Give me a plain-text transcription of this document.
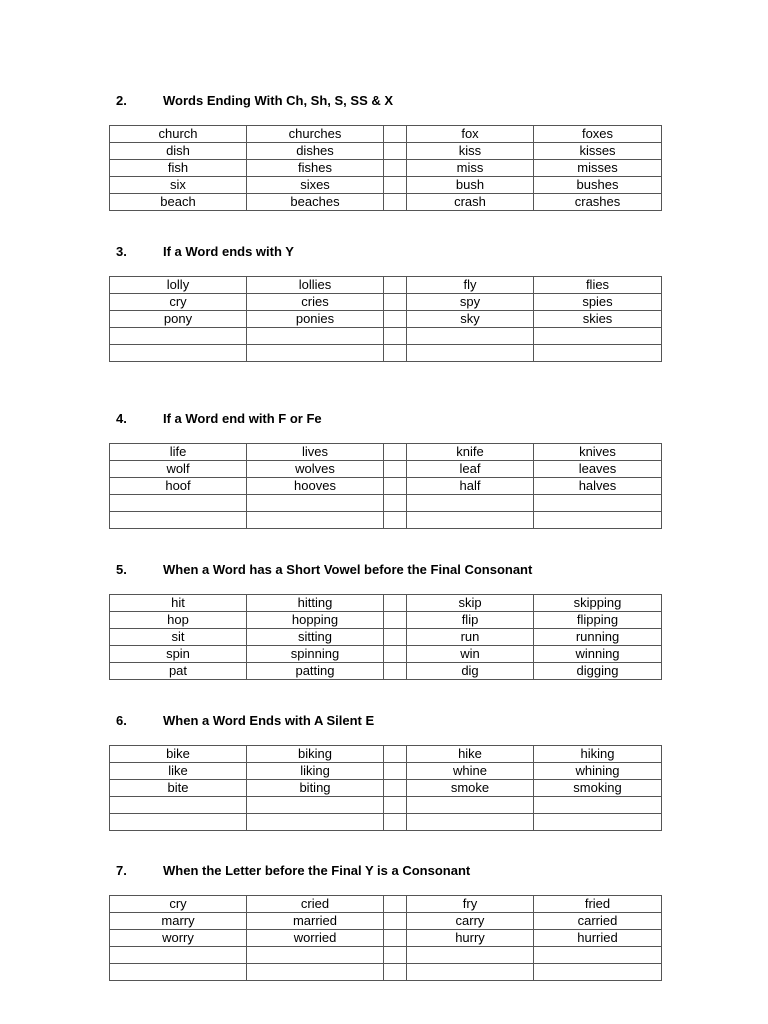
2.	Words Ending With Ch, Sh, S, SS & X
church	churches		fox	foxes
dish	dishes		kiss	kisses
fish	fishes		miss	misses
six	sixes		bush	bushes
beach	beaches		crash	crashes
3.	If a Word ends with Y
lolly	lollies		fly	flies
cry	cries		spy	spies
pony	ponies		sky	skies

4.	If a Word end with F or Fe
life	lives		knife	knives
wolf	wolves		leaf	leaves
hoof	hooves		half	halves

5.	When a Word has a Short Vowel before the Final Consonant
hit	hitting		skip	skipping
hop	hopping		flip	flipping
sit	sitting		run	running
spin	spinning		win	winning
pat	patting		dig	digging
6.	When a Word Ends with A Silent E
bike	biking		hike	hiking
like	liking		whine	whining
bite	biting		smoke	smoking

7.	When the Letter before the Final Y is a Consonant
cry	cried		fry	fried
marry	married		carry	carried
worry	worried		hurry	hurried
